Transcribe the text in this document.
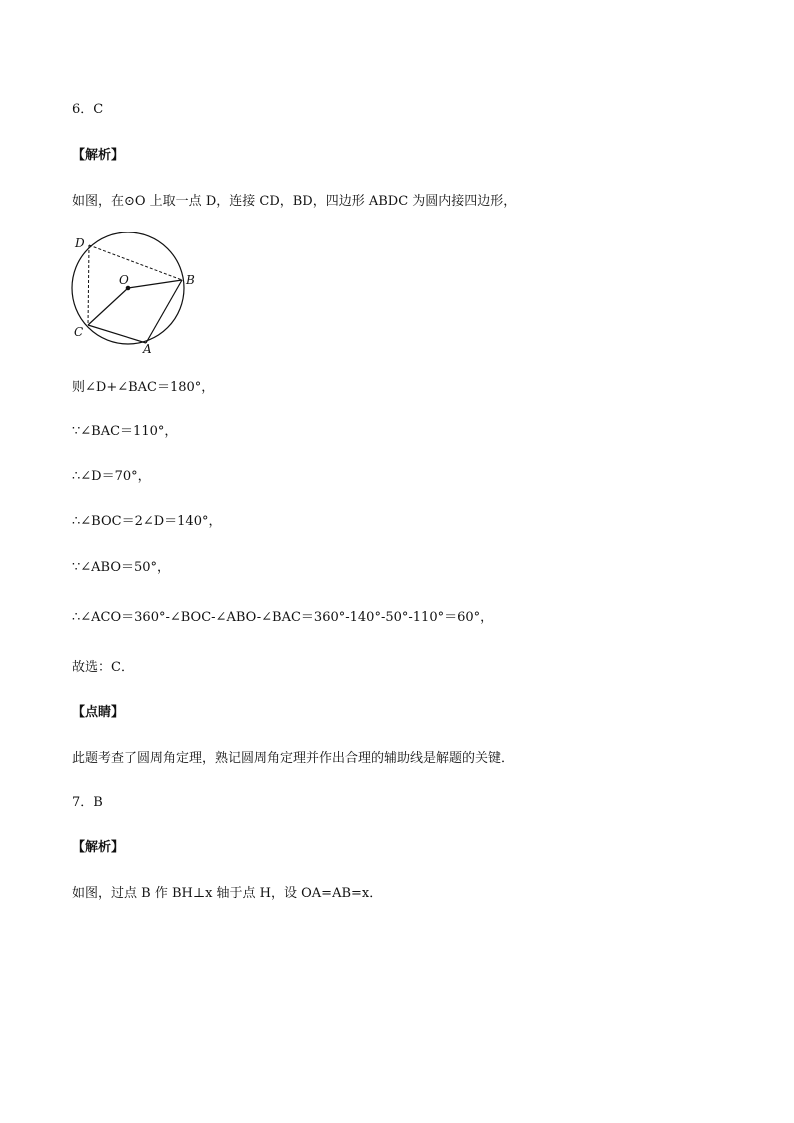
6．C
【解析】
如图，在⊙O 上取一点 D，连接 CD，BD，四边形 ABDC 为圆内接四边形，
D
O	B
C
A
则∠D+∠BAC＝180°，
∵∠BAC＝110°，
∴∠D＝70°，
∴∠BOC＝2∠D＝140°，
∵∠ABO＝50°，
∴∠ACO＝360°-∠BOC-∠ABO-∠BAC＝360°-140°-50°-110°＝60°，
故选：C．
【点睛】
此题考查了圆周角定理，熟记圆周角定理并作出合理的辅助线是解题的关键．
7．B
【解析】
如图，过点 B 作 BH⊥x 轴于点 H，设 OA=AB=x．
